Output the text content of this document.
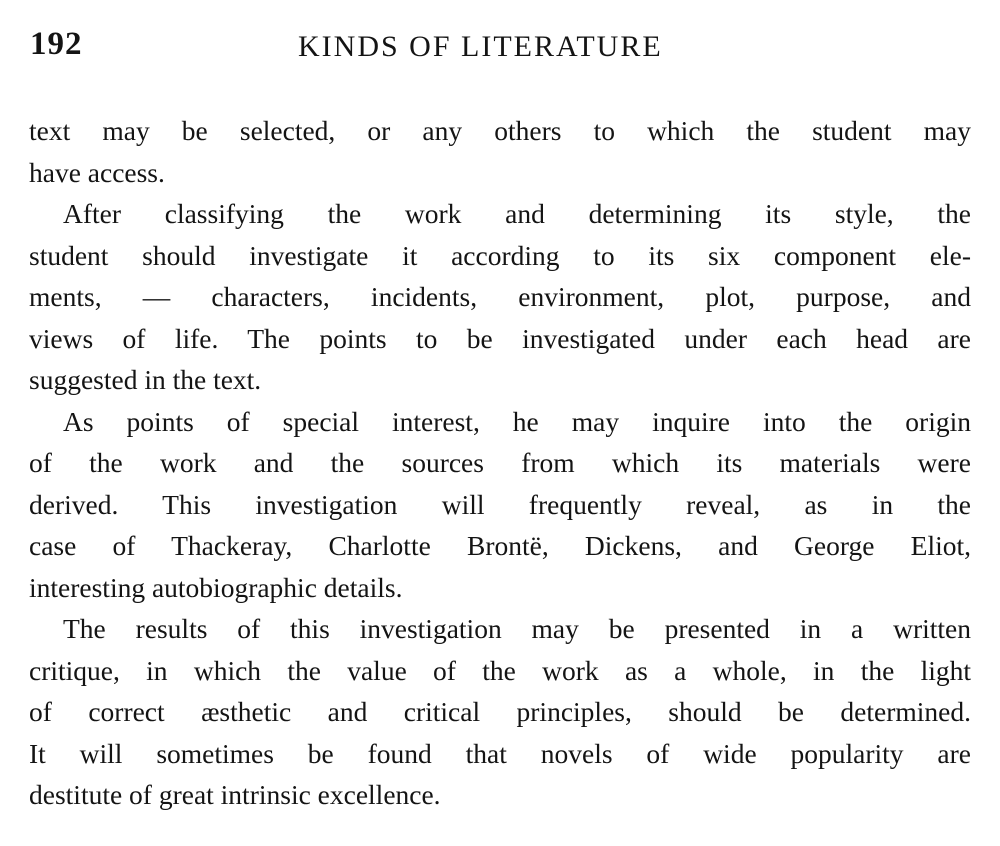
192	KINDS OF LITERATURE
text may be selected, or any others to which the student may
have access.
After classifying the work and determining its style, the
student should investigate it according to its six component ele-
ments, — characters, incidents, environment, plot, purpose, and
views of life. The points to be investigated under each head are
suggested in the text.
As points of special interest, he may inquire into the origin
of the work and the sources from which its materials were
derived. This investigation will frequently reveal, as in the
case of Thackeray, Charlotte Brontë, Dickens, and George Eliot,
interesting autobiographic details.
The results of this investigation may be presented in a written
critique, in which the value of the work as a whole, in the light
of correct æsthetic and critical principles, should be determined.
It will sometimes be found that novels of wide popularity are
destitute of great intrinsic excellence.
